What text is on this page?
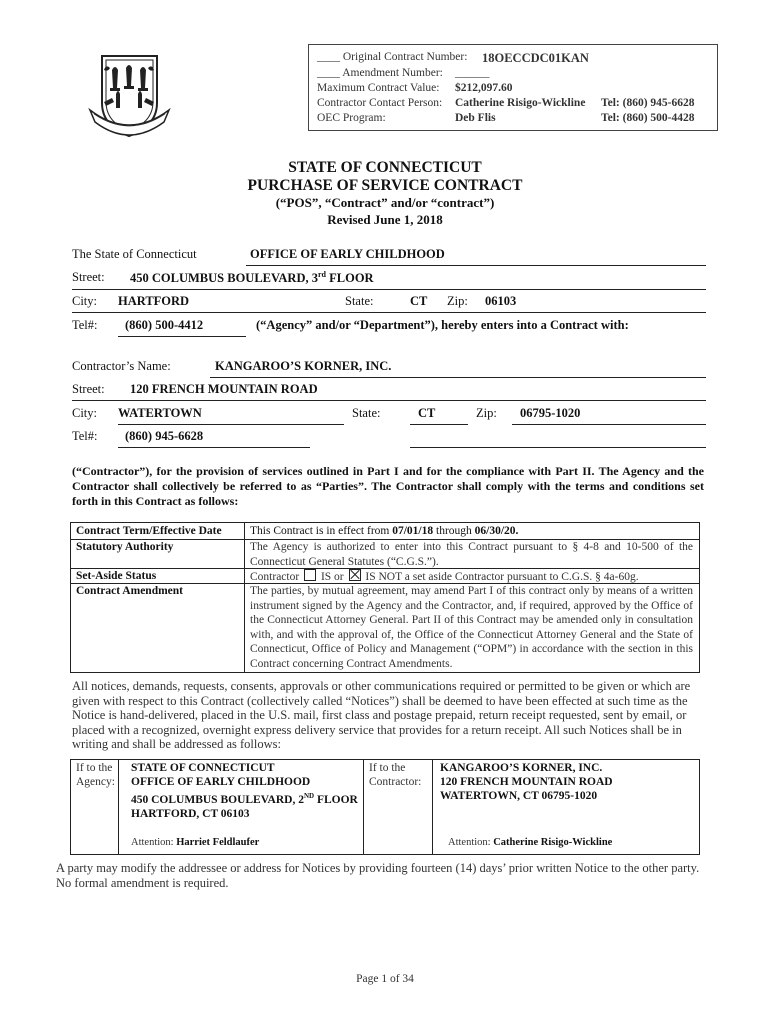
____ Original Contract Number: 18OECCDC01KAN
____ Amendment Number: ______
Maximum Contract Value: $212,097.60
Contractor Contact Person: Catherine Risigo-Wickline Tel: (860) 945-6628
OEC Program:	Deb Flis	Tel: (860) 500-4428
STATE OF CONNECTICUT
PURCHASE OF SERVICE CONTRACT
(“POS”, “Contract” and/or “contract”)
Revised June 1, 2018
The State of Connecticut	OFFICE OF EARLY CHILDHOOD
Street: 450 COLUMBUS BOULEVARD, 3rd FLOOR
City: HARTFORD	State:	CT Zip: 06103
Tel#: (860) 500-4412	(“Agency” and/or “Department”), hereby enters into a Contract with:
Contractor’s Name:	KANGAROO’S KORNER, INC.
Street: 120 FRENCH MOUNTAIN ROAD
City: WATERTOWN	State:	CT	Zip: 06795-1020
Tel#: (860) 945-6628
(“Contractor”), for the provision of services outlined in Part I and for the compliance with Part II. The Agency and the Contractor shall collectively be referred to as “Parties”. The Contractor shall comply with the terms and conditions set forth in this Contract as follows:
Contract Term/Effective Date This Contract is in effect from 07/01/18 through 06/30/20.
Statutory Authority	The Agency is authorized to enter into this Contract pursuant to § 4-8 and 10-500 of the Connecticut General Statutes (“C.G.S.”).
Set-Aside Status	Contractor IS or IS NOT a set aside Contractor pursuant to C.G.S. § 4a-60g.
Contract Amendment	The parties, by mutual agreement, may amend Part I of this contract only by means of a written instrument signed by the Agency and the Contractor, and, if required, approved by the Office of the Connecticut Attorney General. Part II of this Contract may be amended only in consultation with, and with the approval of, the Office of the Connecticut Attorney General and the State of Connecticut, Office of Policy and Management (“OPM”) in accordance with the section in this Contract concerning Contract Amendments.
All notices, demands, requests, consents, approvals or other communications required or permitted to be given or which are given with respect to this Contract (collectively called “Notices”) shall be deemed to have been effected at such time as the Notice is hand-delivered, placed in the U.S. mail, first class and postage prepaid, return receipt requested, sent by email, or placed with a recognized, overnight express delivery service that provides for a return receipt. All such Notices shall be in writing and shall be addressed as follows:
If to the Agency:
STATE OF CONNECTICUT
OFFICE OF EARLY CHILDHOOD
450 COLUMBUS BOULEVARD, 2ND FLOOR
HARTFORD, CT 06103
Attention: Harriet Feldlaufer
If to the Contractor:
KANGAROO’S KORNER, INC.
120 FRENCH MOUNTAIN ROAD
WATERTOWN, CT 06795-1020
Attention: Catherine Risigo-Wickline
A party may modify the addressee or address for Notices by providing fourteen (14) days’ prior written Notice to the other party. No formal amendment is required.
Page 1 of 34
